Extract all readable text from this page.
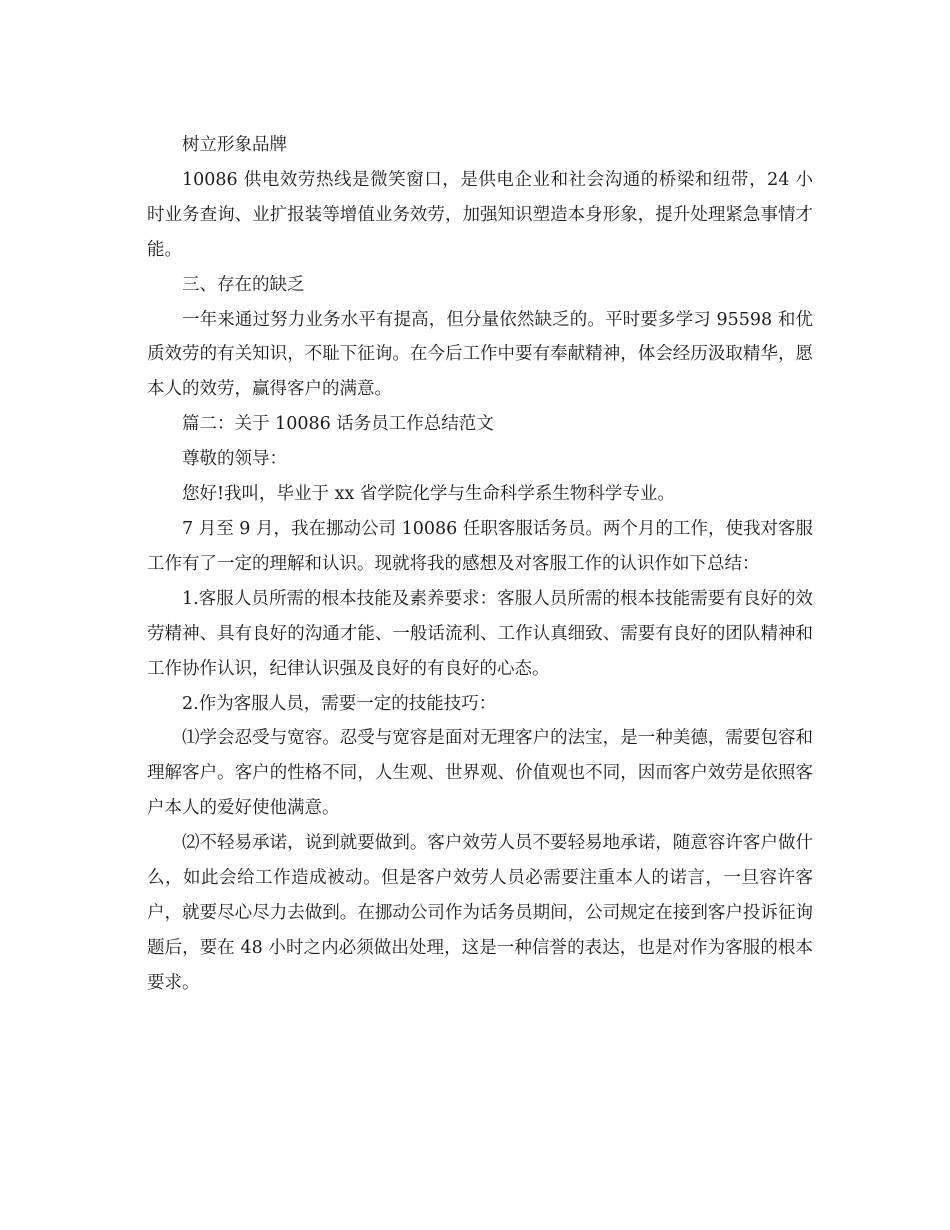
树立形象品牌

10086 供电效劳热线是微笑窗口，是供电企业和社会沟通的桥梁和纽带，24 小时业务查询、业扩报装等增值业务效劳，加强知识塑造本身形象，提升处理紧急事情才能。

三、存在的缺乏

一年来通过努力业务水平有提高，但分量依然缺乏的。平时要多学习 95598 和优质效劳的有关知识，不耻下征询。在今后工作中要有奉献精神，体会经历汲取精华，愿本人的效劳，赢得客户的满意。

篇二：关于 10086 话务员工作总结范文

尊敬的领导：

您好!我叫，毕业于 xx 省学院化学与生命科学系生物科学专业。

7 月至 9 月，我在挪动公司 10086 任职客服话务员。两个月的工作，使我对客服工作有了一定的理解和认识。现就将我的感想及对客服工作的认识作如下总结：

1.客服人员所需的根本技能及素养要求：客服人员所需的根本技能需要有良好的效劳精神、具有良好的沟通才能、一般话流利、工作认真细致、需要有良好的团队精神和工作协作认识，纪律认识强及良好的有良好的心态。

2.作为客服人员，需要一定的技能技巧：

⑴学会忍受与宽容。忍受与宽容是面对无理客户的法宝，是一种美德，需要包容和理解客户。客户的性格不同，人生观、世界观、价值观也不同，因而客户效劳是依照客户本人的爱好使他满意。

⑵不轻易承诺，说到就要做到。客户效劳人员不要轻易地承诺，随意容许客户做什么，如此会给工作造成被动。但是客户效劳人员必需要注重本人的诺言，一旦容许客户，就要尽心尽力去做到。在挪动公司作为话务员期间，公司规定在接到客户投诉征询题后，要在 48 小时之内必须做出处理，这是一种信誉的表达，也是对作为客服的根本要求。
